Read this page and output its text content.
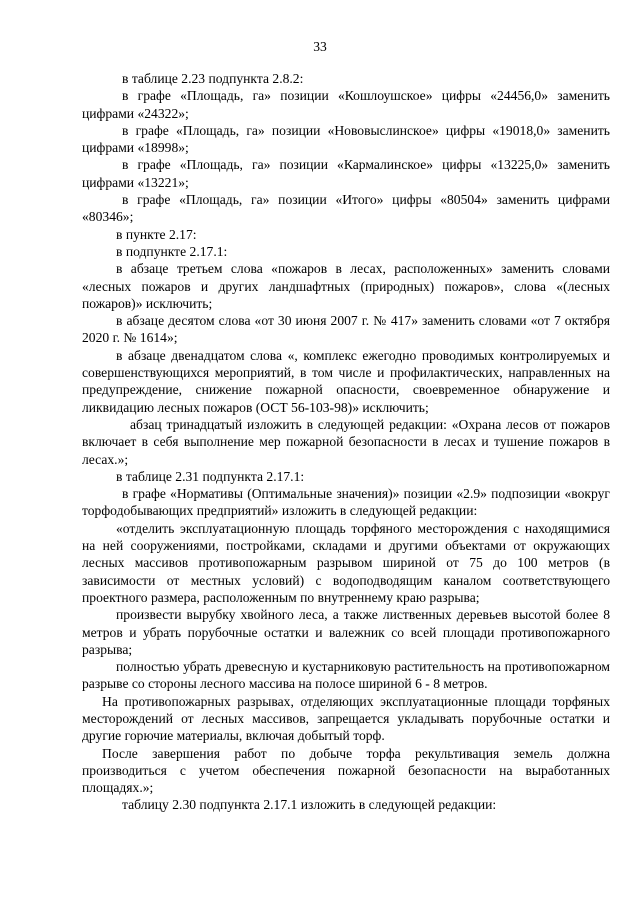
33

в таблице 2.23 подпункта 2.8.2:

в графе «Площадь, га» позиции «Кошлоушское» цифры «24456,0» заменить цифрами «24322»;

в графе «Площадь, га» позиции «Нововыслинское» цифры «19018,0» заменить цифрами «18998»;

в графе «Площадь, га» позиции «Кармалинское» цифры «13225,0» заменить цифрами «13221»;

в графе «Площадь, га» позиции «Итого» цифры «80504» заменить цифрами «80346»;

в пункте 2.17:

в подпункте 2.17.1:

в абзаце третьем слова «пожаров в лесах, расположенных» заменить словами «лесных пожаров и других ландшафтных (природных) пожаров», слова «(лесных пожаров)» исключить;

в абзаце десятом слова «от 30 июня 2007 г. № 417» заменить словами «от 7 октября 2020 г. № 1614»;

в абзаце двенадцатом слова «, комплекс ежегодно проводимых контролируемых и совершенствующихся мероприятий, в том числе и профилактических, направленных на предупреждение, снижение пожарной опасности, своевременное обнаружение и ликвидацию лесных пожаров (ОСТ 56-103-98)» исключить;

абзац тринадцатый изложить в следующей редакции: «Охрана лесов от пожаров включает в себя выполнение мер пожарной безопасности в лесах и тушение пожаров в лесах.»;

в таблице 2.31 подпункта 2.17.1:

в графе «Нормативы (Оптимальные значения)» позиции «2.9» подпозиции «вокруг торфодобывающих предприятий» изложить в следующей редакции:

«отделить эксплуатационную площадь торфяного месторождения с находящимися на ней сооружениями, постройками, складами и другими объектами от окружающих лесных массивов противопожарным разрывом шириной от 75 до 100 метров (в зависимости от местных условий) с водоподводящим каналом соответствующего проектного размера, расположенным по внутреннему краю разрыва;

произвести вырубку хвойного леса, а также лиственных деревьев высотой более 8 метров и убрать порубочные остатки и валежник со всей площади противопожарного разрыва;

полностью убрать древесную и кустарниковую растительность на противопожарном разрыве со стороны лесного массива на полосе шириной 6 - 8 метров.

На противопожарных разрывах, отделяющих эксплуатационные площади торфяных месторождений от лесных массивов, запрещается укладывать порубочные остатки и другие горючие материалы, включая добытый торф.

После завершения работ по добыче торфа рекультивация земель должна производиться с учетом обеспечения пожарной безопасности на выработанных площадях.»;

таблицу 2.30 подпункта 2.17.1 изложить в следующей редакции:
